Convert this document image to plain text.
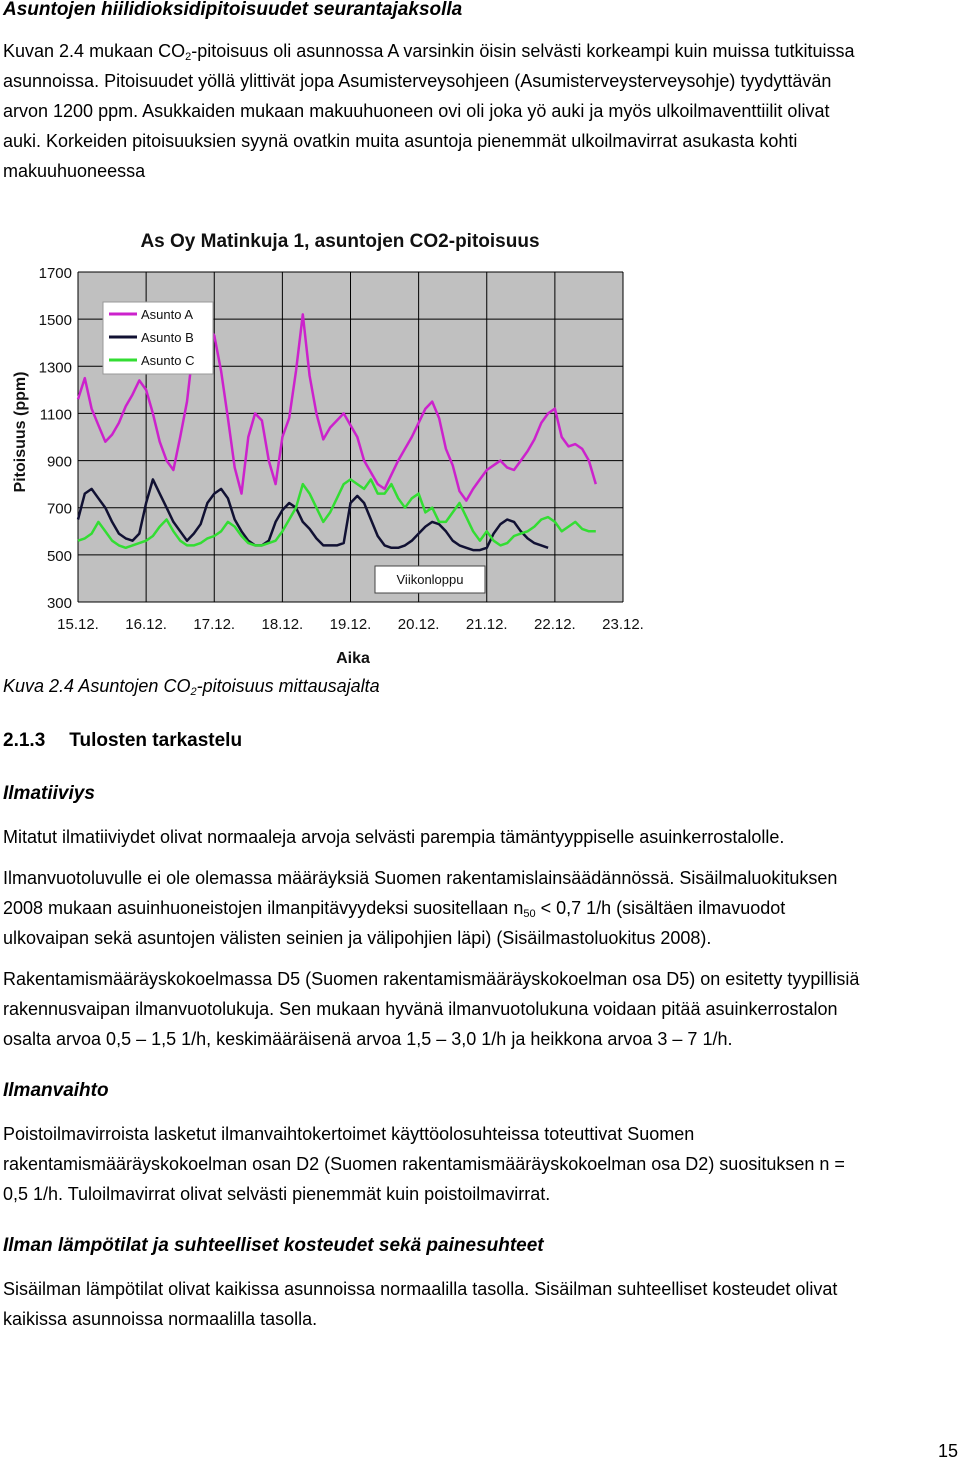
Asuntojen hiilidioksidipitoisuudet seurantajaksolla

Kuvan 2.4 mukaan $CO_2$-pitoisuus oli asunnossa A varsinkin öisin selvästi korkeampi kuin muissa tutkituissa

asunnoissa. Pitoisuudet yöllä ylittivät jopa Asumisterveysohjeen (Asumisterveysterveysohje) tyydyttävän

arvon 1200 ppm. Asukkaiden mukaan makuuhuoneen ovi oli joka yö auki ja myös ulkoilmaventtiilit olivat

auki. Korkeiden pitoisuuksien syynä ovatkin muita asuntoja pienemmät ulkoilmavirrat asukasta kohti

makuuhuoneessa

As Oy Matinkuja 1, asuntojen CO2-pitoisuus
Pitoisuus (ppm)
Aika
1700
1500
1300
1100
900
700
500
300
15.12. 16.12. 17.12. 18.12. 19.12. 20.12. 21.12. 22.12. 23.12.
Asunto A
Asunto B
Asunto C
Viikonloppu
Kuva 2.4 Asuntojen $CO_2$-pitoisuus mittausajalta
2.1.3 Tulosten tarkastelu
Ilmatiiviys

Mitatut ilmatiiviydet olivat normaaleja arvoja selvästi parempia tämäntyyppiselle asuinkerrostalolle.

Ilmanvuotoluvulle ei ole olemassa määräyksiä Suomen rakentamislainsäädännössä. Sisäilmaluokituksen

2008 mukaan asuinhuoneistojen ilmanpitävyydeksi suositellaan $n_{50} < 0,7$ 1/h (sisältäen ilmavuodot

ulkovaipan sekä asuntojen välisten seinien ja välipohjien läpi) (Sisäilmastoluokitus 2008).

Rakentamismääräyskokoelmassa D5 (Suomen rakentamismääräyskokoelman osa D5) on esitetty tyypillisiä

rakennusvaipan ilmanvuotolukuja. Sen mukaan hyvänä ilmanvuotolukuna voidaan pitää asuinkerrostalon

osalta arvoa 0,5 – 1,5 1/h, keskimääräisenä arvoa 1,5 – 3,0 1/h ja heikkona arvoa 3 – 7 1/h.

Ilmanvaihto

Poistoilmavirroista lasketut ilmanvaihtokertoimet käyttöolosuhteissa toteuttivat Suomen

rakentamismääräyskokoelman osan D2 (Suomen rakentamismääräyskokoelman osa D2) suosituksen n =

0,5 1/h. Tuloilmavirrat olivat selvästi pienemmät kuin poistoilmavirrat.

Ilman lämpötilat ja suhteelliset kosteudet sekä painesuhteet

Sisäilman lämpötilat olivat kaikissa asunnoissa normaalilla tasolla. Sisäilman suhteelliset kosteudet olivat

kaikissa asunnoissa normaalilla tasolla.

15
